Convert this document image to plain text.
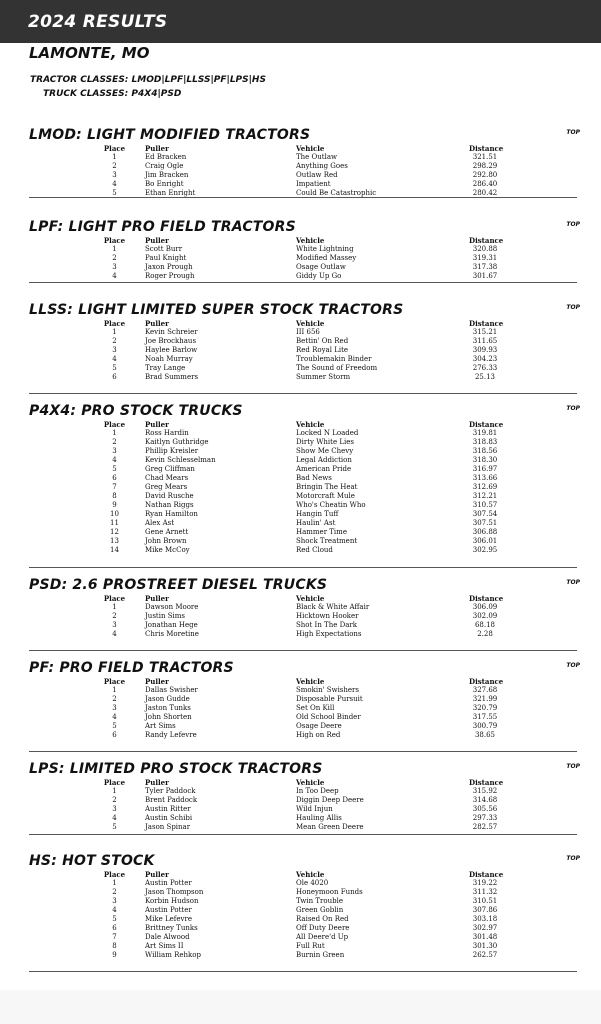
2024 RESULTS
LAMONTE, MO
TRACTOR CLASSES: LMOD|LPF|LLSS|PF|LPS|HS
TRUCK CLASSES: P4X4|PSD
LMOD: LIGHT MODIFIED TRACTORS	TOP
Place	Puller	Vehicle	Distance
1	Ed Bracken	The Outlaw	321.51
2	Craig Ogle	Anything Goes	298.29
3	Jim Bracken	Outlaw Red	292.80
4	Bo Enright	Impatient	286.40
5	Ethan Enright	Could Be Catastrophic	280.42
LPF: LIGHT PRO FIELD TRACTORS	TOP
Place	Puller	Vehicle	Distance
1	Scott Burr	White Lightning	320.88
2	Paul Knight	Modified Massey	319.31
3	Jaxon Prough	Osage Outlaw	317.38
4	Roger Prough	Giddy Up Go	301.67
LLSS: LIGHT LIMITED SUPER STOCK TRACTORS	TOP
Place	Puller	Vehicle	Distance
1	Kevin Schreier	III 656	315.21
2	Joe Brockhaus	Bettin' On Red	311.65
3	Haylee Barlow	Red Royal Lite	309.93
4	Noah Murray	Troublemakin Binder	304.23
5	Tray Lange	The Sound of Freedom	276.33
6	Brad Summers	Summer Storm	25.13
P4X4: PRO STOCK TRUCKS	TOP
Place	Puller	Vehicle	Distance
1	Ross Hardin	Locked N Loaded	319.81
2	Kaitlyn Guthridge	Dirty White Lies	318.83
3	Phillip Kreisler	Show Me Chevy	318.56
4	Kevin Schlesselman	Legal Addiction	318.30
5	Greg Cliffman	American Pride	316.97
6	Chad Mears	Bad News	313.66
7	Greg Mears	Bringin The Heat	312.69
8	David Rusche	Motorcraft Mule	312.21
9	Nathan Riggs	Who's Cheatin Who	310.57
10	Ryan Hamilton	Hangin Tuff	307.54
11	Alex Ast	Haulin' Ast	307.51
12	Gene Arnett	Hammer Time	306.88
13	John Brown	Shock Treatment	306.01
14	Mike McCoy	Red Cloud	302.95
PSD: 2.6 PROSTREET DIESEL TRUCKS	TOP
Place	Puller	Vehicle	Distance
1	Dawson Moore	Black & White Affair	306.09
2	Justin Sims	Hicktown Hooker	302.09
3	Jonathan Hege	Shot In The Dark	68.18
4	Chris Moretine	High Expectations	2.28
PF: PRO FIELD TRACTORS	TOP
Place	Puller	Vehicle	Distance
1	Dallas Swisher	Smokin' Swishers	327.68
2	Jason Gudde	Disposable Pursuit	321.99
3	Jaston Tunks	Set On Kill	320.79
4	John Shorten	Old School Binder	317.55
5	Art Sims	Osage Deere	300.79
6	Randy Lefevre	High on Red	38.65
LPS: LIMITED PRO STOCK TRACTORS	TOP
Place	Puller	Vehicle	Distance
1	Tyler Paddock	In Too Deep	315.92
2	Brent Paddock	Diggin Deep Deere	314.68
3	Austin Ritter	Wild Injun	305.56
4	Austin Schibi	Hauling Allis	297.33
5	Jason Spinar	Mean Green Deere	282.57
HS: HOT STOCK	TOP
Place	Puller	Vehicle	Distance
1	Austin Potter	Ole 4020	319.22
2	Jason Thompson	Honeymoon Funds	311.32
3	Korbin Hudson	Twin Trouble	310.51
4	Austin Potter	Green Goblin	307.86
5	Mike Lefevre	Raised On Red	303.18
6	Brittney Tunks	Off Duty Deere	302.97
7	Dale Alwood	All Deere'd Up	301.48
8	Art Sims II	Full Rut	301.30
9	William Rehkop	Burnin Green	262.57
